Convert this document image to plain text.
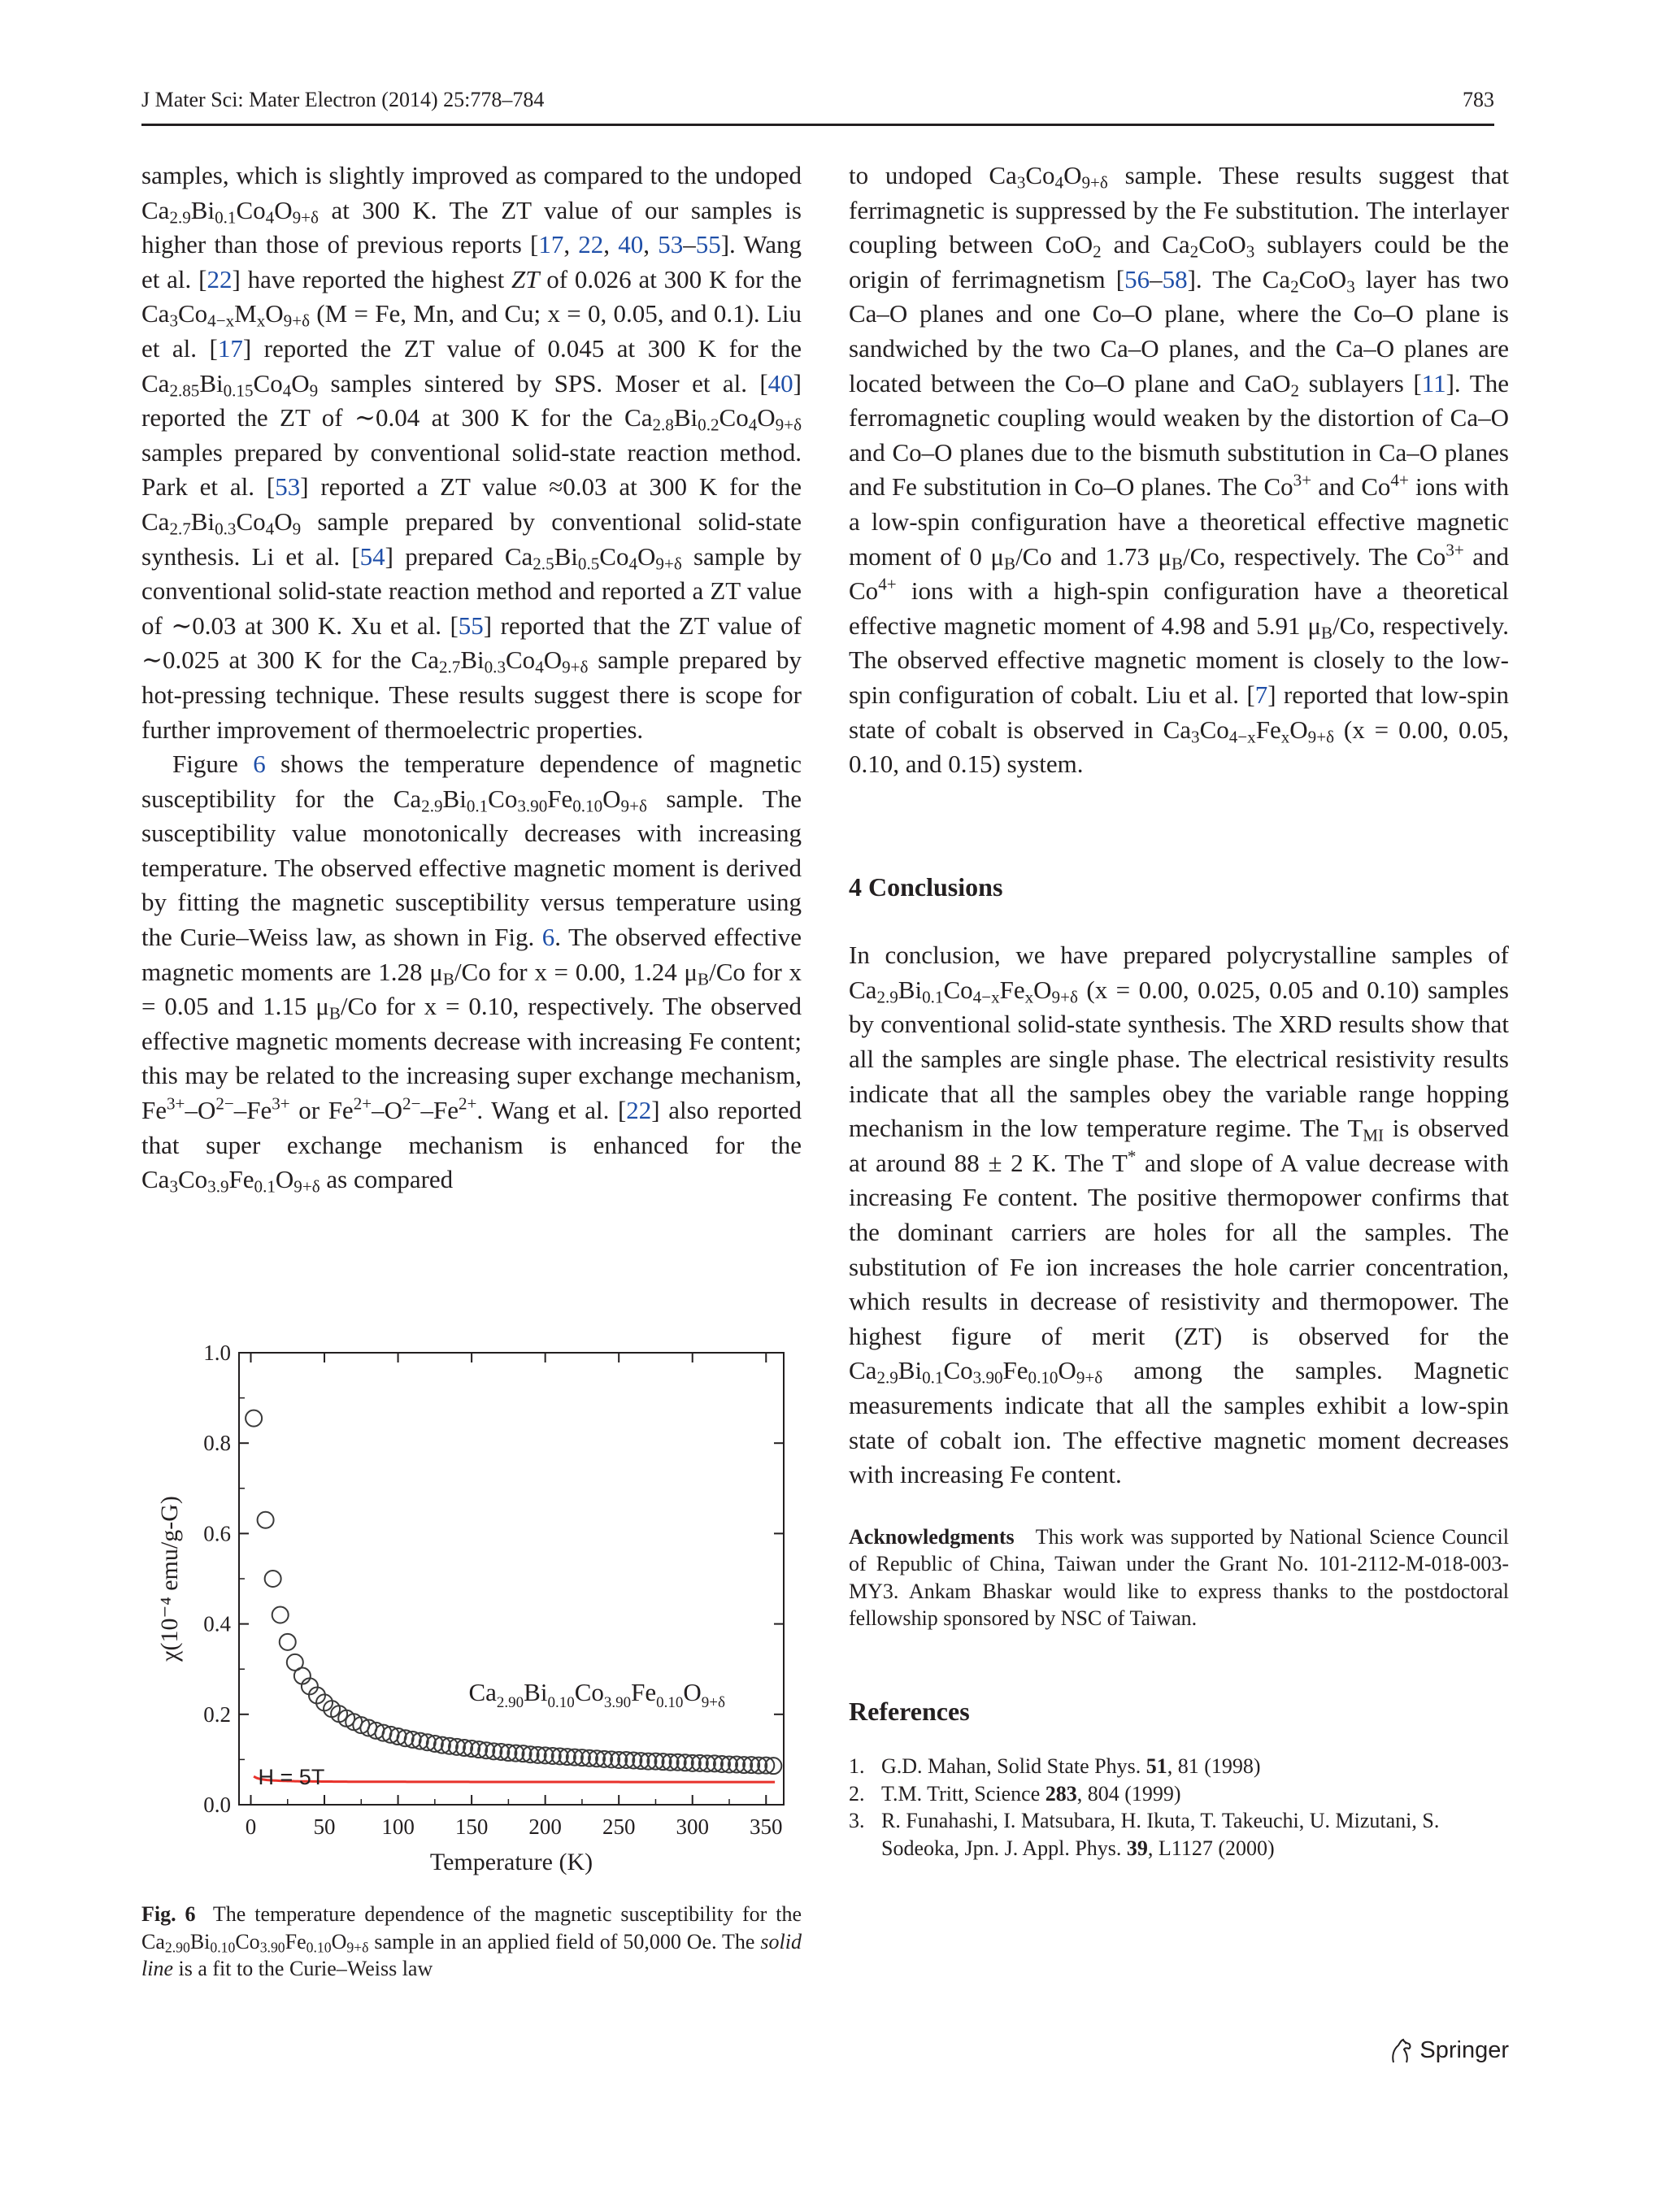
J Mater Sci: Mater Electron (2014) 25:778–784	783

samples, which is slightly improved as compared to the undoped $Ca_{2.9}Bi_{0.1}Co_4O_{9+\delta}$ at 300 K. The ZT value of our samples is higher than those of previous reports [17, 22, 40, 53–55]. Wang et al. [22] have reported the highest ZT of 0.026 at 300 K for the $Ca_3Co_{4-x}M_xO_{9+\delta}$ (M = Fe, Mn, and Cu; x = 0, 0.05, and 0.1). Liu et al. [17] reported the ZT value of 0.045 at 300 K for the $Ca_{2.85}Bi_{0.15}Co_4O_9$ samples sintered by SPS. Moser et al. [40] reported the ZT of ∼0.04 at 300 K for the $Ca_{2.8}Bi_{0.2}Co_4O_{9+\delta}$ samples prepared by conventional solid-state reaction method. Park et al. [53] reported a ZT value ≈0.03 at 300 K for the $Ca_{2.7}Bi_{0.3}Co_4O_9$ sample prepared by conventional solid-state synthesis. Li et al. [54] prepared $Ca_{2.5}Bi_{0.5}Co_4O_{9+\delta}$ sample by conventional solid-state reaction method and reported a ZT value of ∼0.03 at 300 K. Xu et al. [55] reported that the ZT value of ∼0.025 at 300 K for the $Ca_{2.7}Bi_{0.3}Co_4O_{9+\delta}$ sample prepared by hot-pressing technique. These results suggest there is scope for further improvement of thermoelectric properties.

Figure 6 shows the temperature dependence of magnetic susceptibility for the $Ca_{2.9}Bi_{0.1}Co_{3.90}Fe_{0.10}O_{9+\delta}$ sample. The susceptibility value monotonically decreases with increasing temperature. The observed effective magnetic moment is derived by fitting the magnetic susceptibility versus temperature using the Curie–Weiss law, as shown in Fig. 6. The observed effective magnetic moments are 1.28 $\mu_B/Co$ for x = 0.00, 1.24 $\mu_B/Co$ for x = 0.05 and 1.15 $\mu_B/Co$ for x = 0.10, respectively. The observed effective magnetic moments decrease with increasing Fe content; this may be related to the increasing super exchange mechanism, $Fe^{3+}-O^{2-}-Fe^{3+}$ or $Fe^{2+}-O^{2-}-Fe^{2+}$. Wang et al. [22] also reported that super exchange mechanism is enhanced for the $Ca_3Co_{3.9}Fe_{0.1}O_{9+\delta}$ as compared

0.0
0.2
0.4
0.6
0.8
1.0
0	50 100 150 200 250 300 350
Temperature (K)
χ(10⁻⁴ emu/g-G)
H = 5T
$Ca_{2.90}Bi_{0.10}Co_{3.90}Fe_{0.10}O_{9+\delta}$
Fig. 6 The temperature dependence of the magnetic susceptibility for the $Ca_{2.90}Bi_{0.10}Co_{3.90}Fe_{0.10}O_{9+\delta}$ sample in an applied field of 50,000 Oe. The solid line is a fit to the Curie–Weiss law

to undoped $Ca_3Co_4O_{9+\delta}$ sample. These results suggest that ferrimagnetic is suppressed by the Fe substitution. The interlayer coupling between CoO$_2$ and $Ca_2CoO_3$ sublayers could be the origin of ferrimagnetism [56–58]. The $Ca_2CoO_3$ layer has two Ca–O planes and one Co–O plane, where the Co–O plane is sandwiched by the two Ca–O planes, and the Ca–O planes are located between the Co–O plane and CaO$_2$ sublayers [11]. The ferromagnetic coupling would weaken by the distortion of Ca–O and Co–O planes due to the bismuth substitution in Ca–O planes and Fe substitution in Co–O planes. The $Co^{3+}$ and $Co^{4+}$ ions with a low-spin configuration have a theoretical effective magnetic moment of 0 $\mu_B/Co$ and 1.73 $\mu_B/Co$, respectively. The $Co^{3+}$ and $Co^{4+}$ ions with a high-spin configuration have a theoretical effective magnetic moment of 4.98 and 5.91 $\mu_B/Co$, respectively. The observed effective magnetic moment is closely to the low-spin configuration of cobalt. Liu et al. [7] reported that low-spin state of cobalt is observed in $Ca_3Co_{4-x}Fe_xO_{9+\delta}$ (x = 0.00, 0.05, 0.10, and 0.15) system.

4 Conclusions

In conclusion, we have prepared polycrystalline samples of $Ca_{2.9}Bi_{0.1}Co_{4-x}Fe_xO_{9+\delta}$ (x = 0.00, 0.025, 0.05 and 0.10) samples by conventional solid-state synthesis. The XRD results show that all the samples are single phase. The electrical resistivity results indicate that all the samples obey the variable range hopping mechanism in the low temperature regime. The $T_{MI}$ is observed at around 88 ± 2 K. The T* and slope of A value decrease with increasing Fe content. The positive thermopower confirms that the dominant carriers are holes for all the samples. The substitution of Fe ion increases the hole carrier concentration, which results in decrease of resistivity and thermopower. The highest figure of merit (ZT) is observed for the $Ca_{2.9}Bi_{0.1}Co_{3.90}Fe_{0.10}O_{9+\delta}$ among the samples. Magnetic measurements indicate that all the samples exhibit a low-spin state of cobalt ion. The effective magnetic moment decreases with increasing Fe content.

Acknowledgments This work was supported by National Science Council of Republic of China, Taiwan under the Grant No. 101-2112-M-018-003-MY3. Ankam Bhaskar would like to express thanks to the postdoctoral fellowship sponsored by NSC of Taiwan.

References

1. G.D. Mahan, Solid State Phys. 51, 81 (1998)
2. T.M. Tritt, Science 283, 804 (1999)
3. R. Funahashi, I. Matsubara, H. Ikuta, T. Takeuchi, U. Mizutani, S. Sodeoka, Jpn. J. Appl. Phys. 39, L1127 (2000)
Springer
